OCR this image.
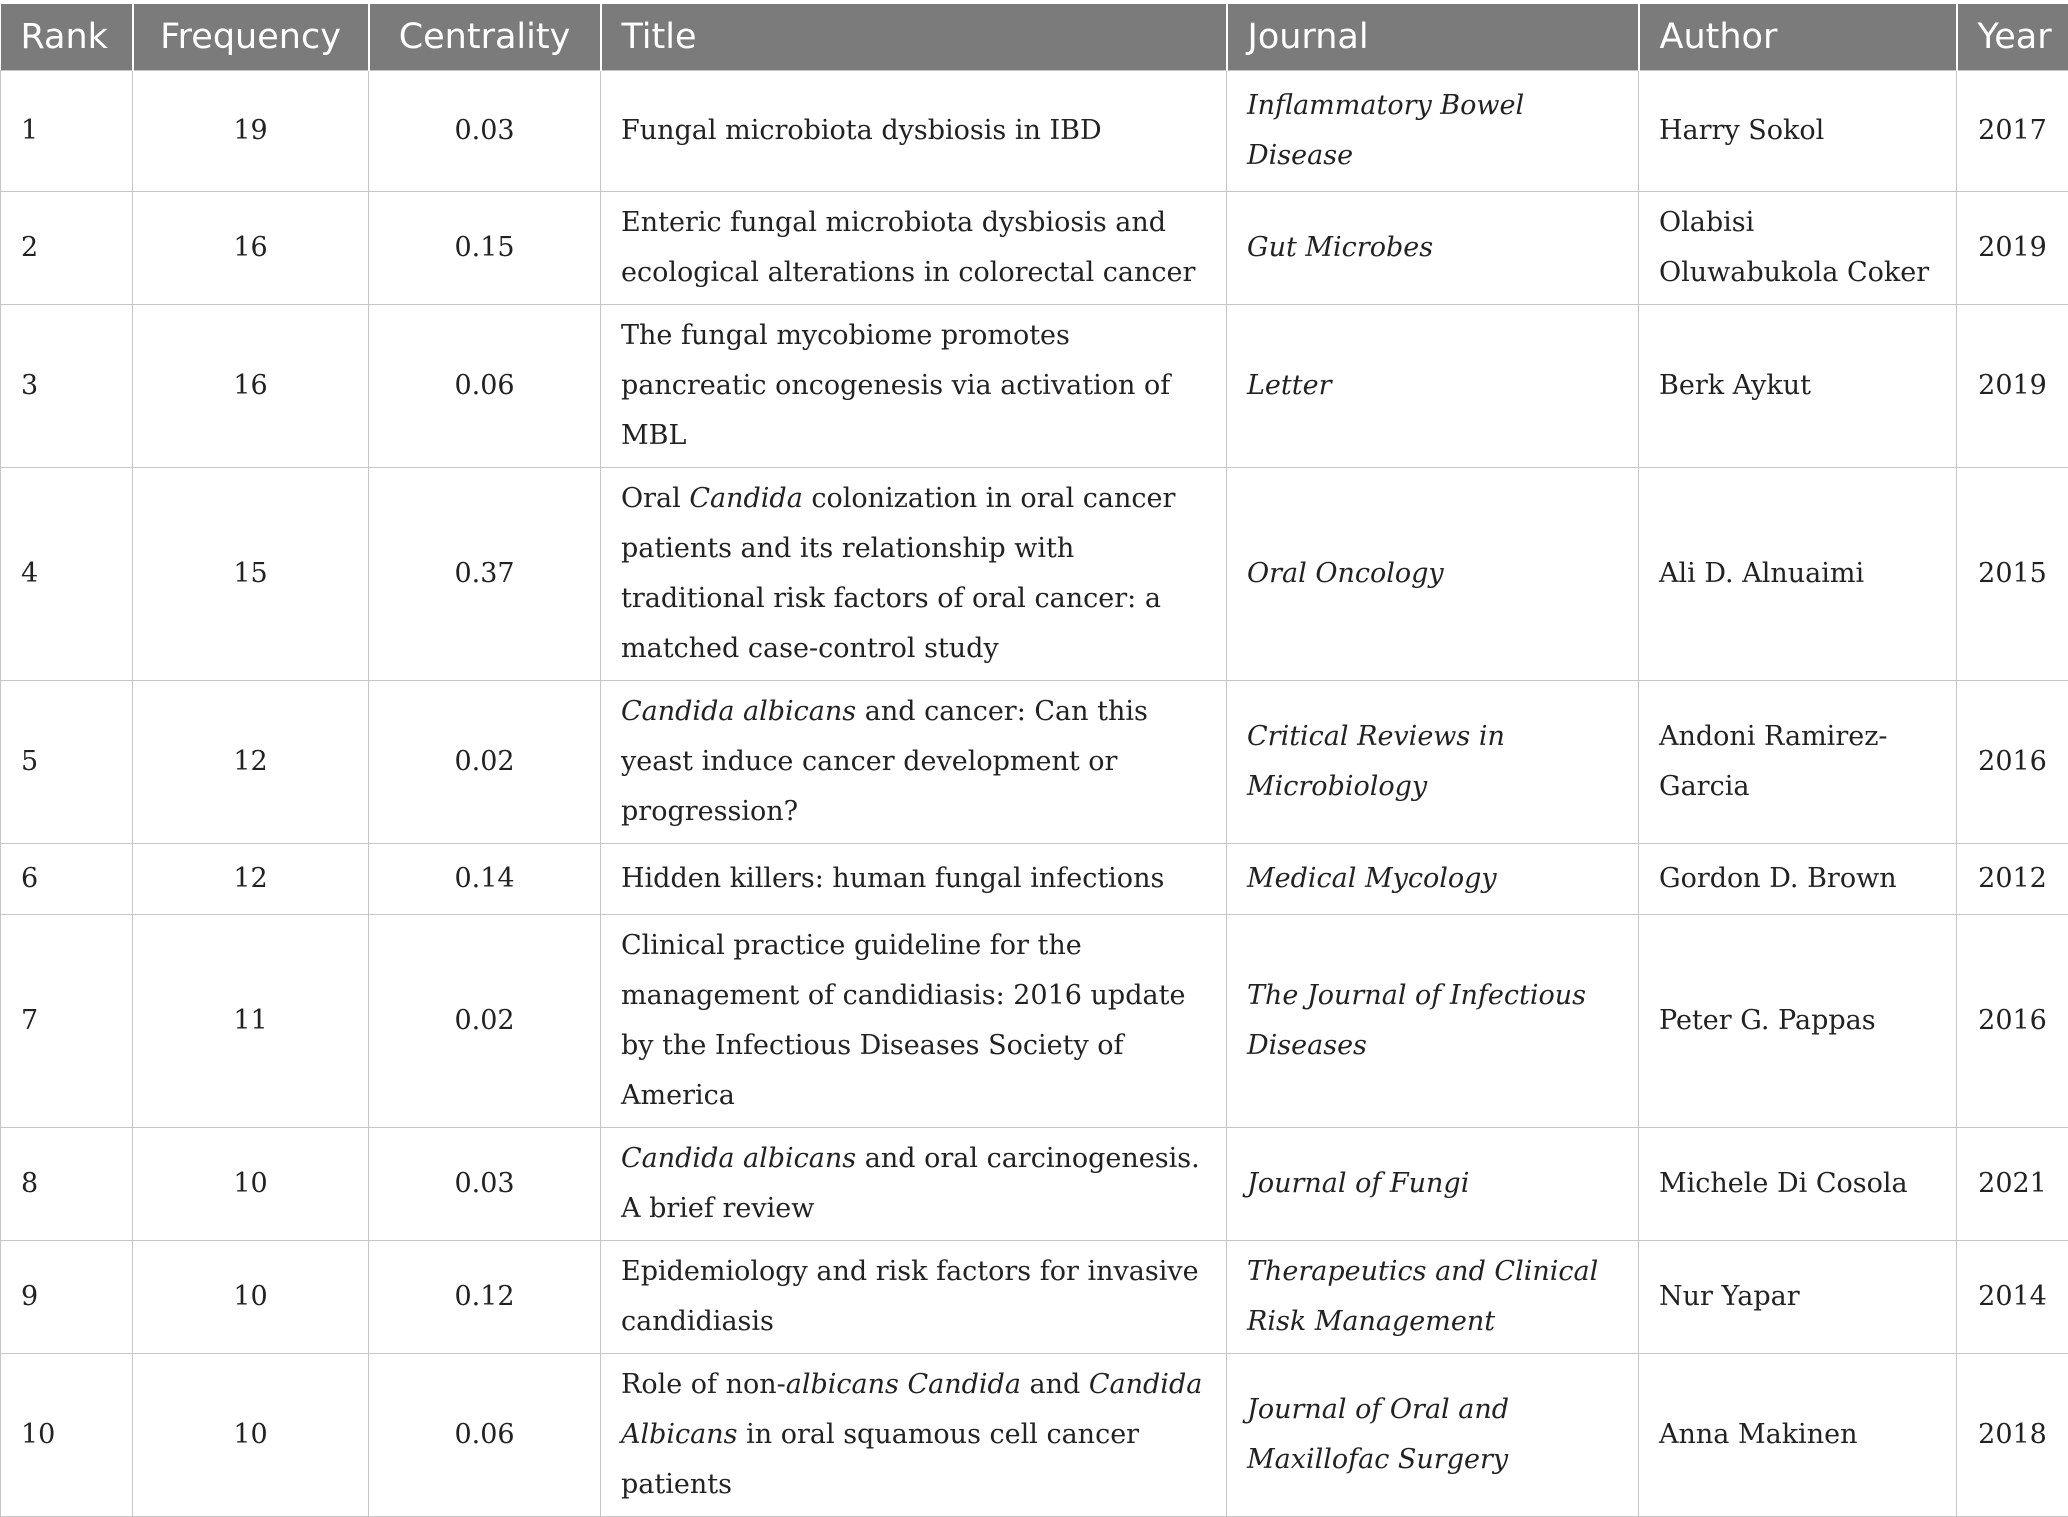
Rank	Frequency	Centrality	Title	Journal	Author	Year
1	19	0.03	Fungal microbiota dysbiosis in IBD	Inflammatory Bowel Disease	Harry Sokol	2017
2	16	0.15	Enteric fungal microbiota dysbiosis and ecological alterations in colorectal cancer	Gut Microbes	Olabisi Oluwabukola Coker	2019
3	16	0.06	The fungal mycobiome promotes pancreatic oncogenesis via activation of MBL	Letter	Berk Aykut	2019
4	15	0.37	Oral Candida colonization in oral cancer patients and its relationship with traditional risk factors of oral cancer: a matched case-control study	Oral Oncology	Ali D. Alnuaimi	2015
5	12	0.02	Candida albicans and cancer: Can this yeast induce cancer development or progression?	Critical Reviews in Microbiology	Andoni Ramirez-Garcia	2016
6	12	0.14	Hidden killers: human fungal infections	Medical Mycology	Gordon D. Brown	2012
7	11	0.02	Clinical practice guideline for the management of candidiasis: 2016 update by the Infectious Diseases Society of America	The Journal of Infectious Diseases	Peter G. Pappas	2016
8	10	0.03	Candida albicans and oral carcinogenesis. A brief review	Journal of Fungi	Michele Di Cosola	2021
9	10	0.12	Epidemiology and risk factors for invasive candidiasis	Therapeutics and Clinical Risk Management	Nur Yapar	2014
10	10	0.06	Role of non-albicans Candida and Candida Albicans in oral squamous cell cancer patients	Journal of Oral and Maxillofac Surgery	Anna Makinen	2018
